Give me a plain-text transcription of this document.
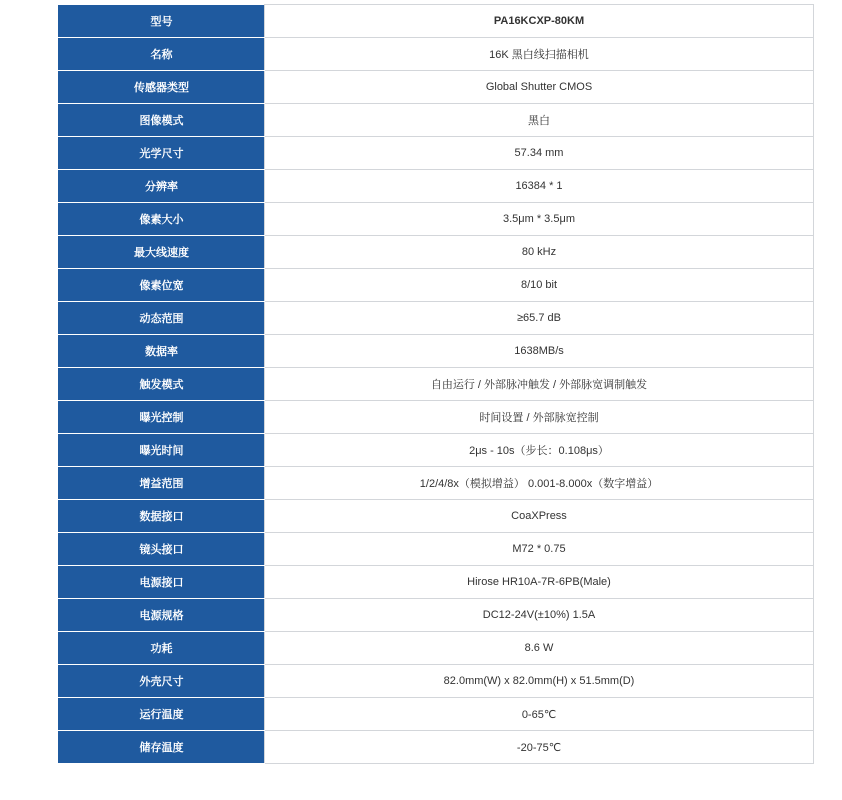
型号	PA16KCXP-80KM
名称	16K 黑白线扫描相机
传感器类型	Global Shutter CMOS
图像模式	黑白
光学尺寸	57.34 mm
分辨率	16384 * 1
像素大小	3.5μm * 3.5μm
最大线速度	80 kHz
像素位宽	8/10 bit
动态范围	≥65.7 dB
数据率	1638MB/s
触发模式	自由运行 / 外部脉冲触发 / 外部脉宽调制触发
曝光控制	时间设置 / 外部脉宽控制
曝光时间	2μs - 10s（步长：0.108μs）
增益范围	1/2/4/8x（模拟增益） 0.001-8.000x（数字增益）
数据接口	CoaXPress
镜头接口	M72 * 0.75
电源接口	Hirose HR10A-7R-6PB(Male)
电源规格	DC12-24V(±10%) 1.5A
功耗	8.6 W
外壳尺寸	82.0mm(W) x 82.0mm(H) x 51.5mm(D)
运行温度	0-65℃
储存温度	-20-75℃
